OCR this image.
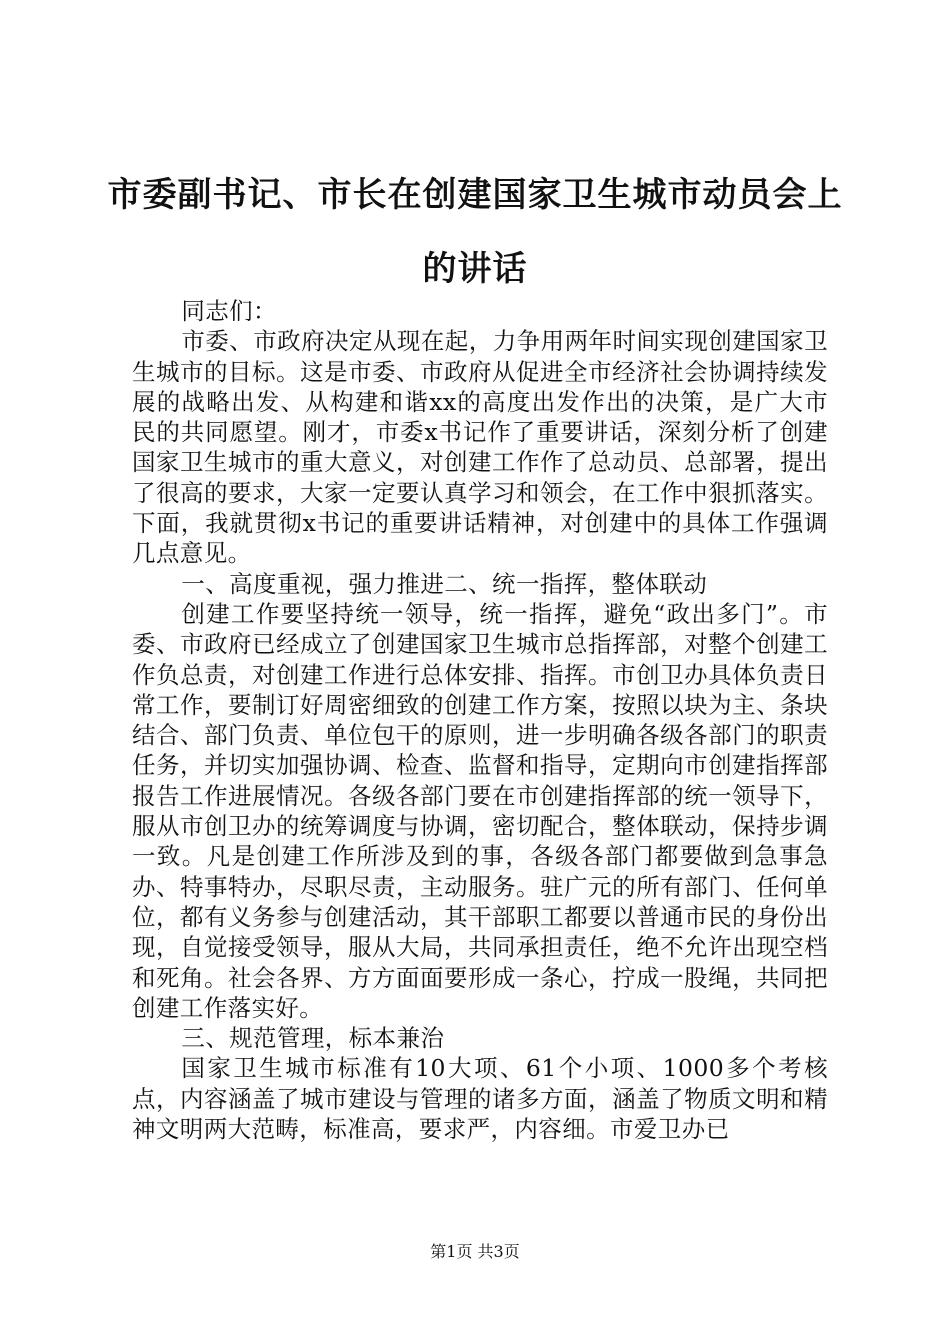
市委副书记、市长在创建国家卫生城市动员会上的讲话

同志们：

市委、市政府决定从现在起，力争用两年时间实现创建国家卫生城市的目标。这是市委、市政府从促进全市经济社会协调持续发展的战略出发、从构建和谐xx的高度出发作出的决策，是广大市民的共同愿望。刚才，市委x书记作了重要讲话，深刻分析了创建国家卫生城市的重大意义，对创建工作作了总动员、总部署，提出了很高的要求，大家一定要认真学习和领会，在工作中狠抓落实。下面，我就贯彻x书记的重要讲话精神，对创建中的具体工作强调几点意见。

一、高度重视，强力推进二、统一指挥，整体联动

创建工作要坚持统一领导，统一指挥，避免“政出多门”。市委、市政府已经成立了创建国家卫生城市总指挥部，对整个创建工作负总责，对创建工作进行总体安排、指挥。市创卫办具体负责日常工作，要制订好周密细致的创建工作方案，按照以块为主、条块结合、部门负责、单位包干的原则，进一步明确各级各部门的职责任务，并切实加强协调、检查、监督和指导，定期向市创建指挥部报告工作进展情况。各级各部门要在市创建指挥部的统一领导下，服从市创卫办的统筹调度与协调，密切配合，整体联动，保持步调一致。凡是创建工作所涉及到的事，各级各部门都要做到急事急办、特事特办，尽职尽责，主动服务。驻广元的所有部门、任何单位，都有义务参与创建活动，其干部职工都要以普通市民的身份出现，自觉接受领导，服从大局，共同承担责任，绝不允许出现空档和死角。社会各界、方方面面要形成一条心，拧成一股绳，共同把创建工作落实好。

三、规范管理，标本兼治

国家卫生城市标准有10大项、61个小项、1000多个考核点，内容涵盖了城市建设与管理的诸多方面，涵盖了物质文明和精神文明两大范畴，标准高，要求严，内容细。市爱卫办已

第1页 共3页
